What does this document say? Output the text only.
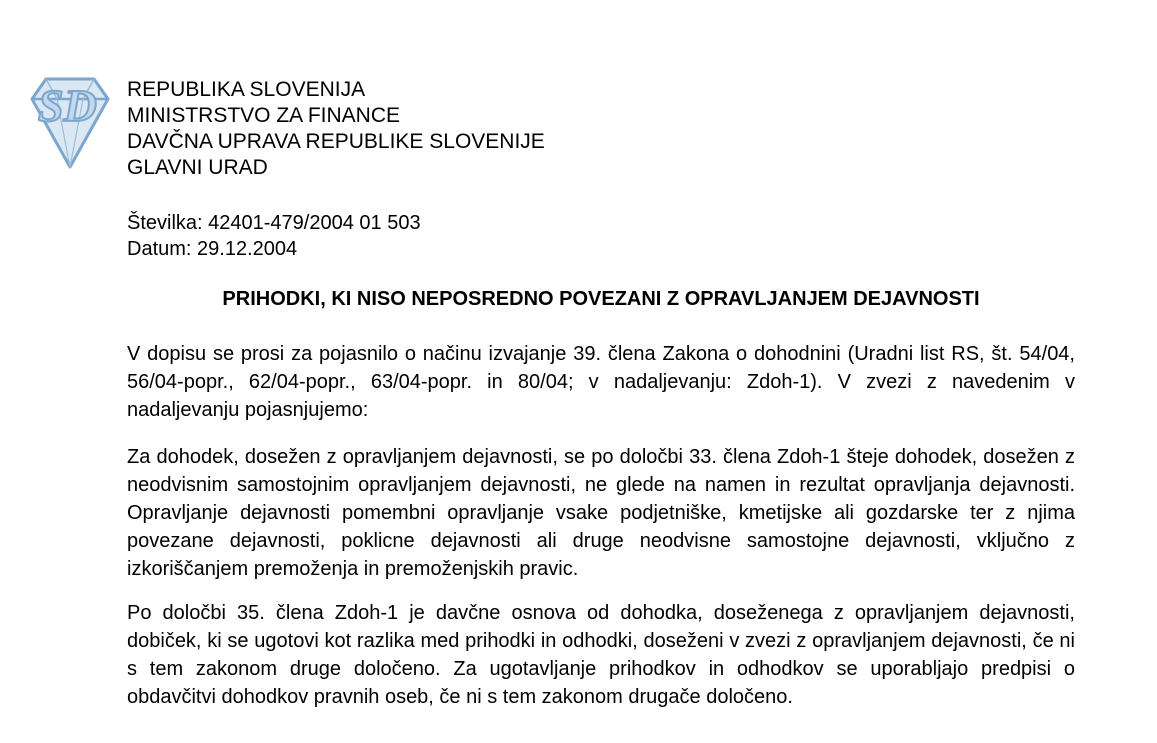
SD REPUBLIKA SLOVENIJA
MINISTRSTVO ZA FINANCE
DAVČNA UPRAVA REPUBLIKE SLOVENIJE
GLAVNI URAD
Številka: 42401-479/2004 01 503
Datum: 29.12.2004
PRIHODKI, KI NISO NEPOSREDNO POVEZANI Z OPRAVLJANJEM DEJAVNOSTI

V dopisu se prosi za pojasnilo o načinu izvajanje 39. člena Zakona o dohodnini (Uradni list RS, št. 54/04, 56/04-popr., 62/04-popr., 63/04-popr. in 80/04; v nadaljevanju: Zdoh-1). V zvezi z navedenim v nadaljevanju pojasnjujemo:

Za dohodek, dosežen z opravljanjem dejavnosti, se po določbi 33. člena Zdoh-1 šteje dohodek, dosežen z neodvisnim samostojnim opravljanjem dejavnosti, ne glede na namen in rezultat opravljanja dejavnosti. Opravljanje dejavnosti pomembni opravljanje vsake podjetniške, kmetijske ali gozdarske ter z njima povezane dejavnosti, poklicne dejavnosti ali druge neodvisne samostojne dejavnosti, vključno z izkoriščanjem premoženja in premoženjskih pravic.

Po določbi 35. člena Zdoh-1 je davčne osnova od dohodka, doseženega z opravljanjem dejavnosti, dobiček, ki se ugotovi kot razlika med prihodki in odhodki, doseženi v zvezi z opravljanjem dejavnosti, če ni s tem zakonom druge določeno. Za ugotavljanje prihodkov in odhodkov se uporabljajo predpisi o obdavčitvi dohodkov pravnih oseb, če ni s tem zakonom drugače določeno.
